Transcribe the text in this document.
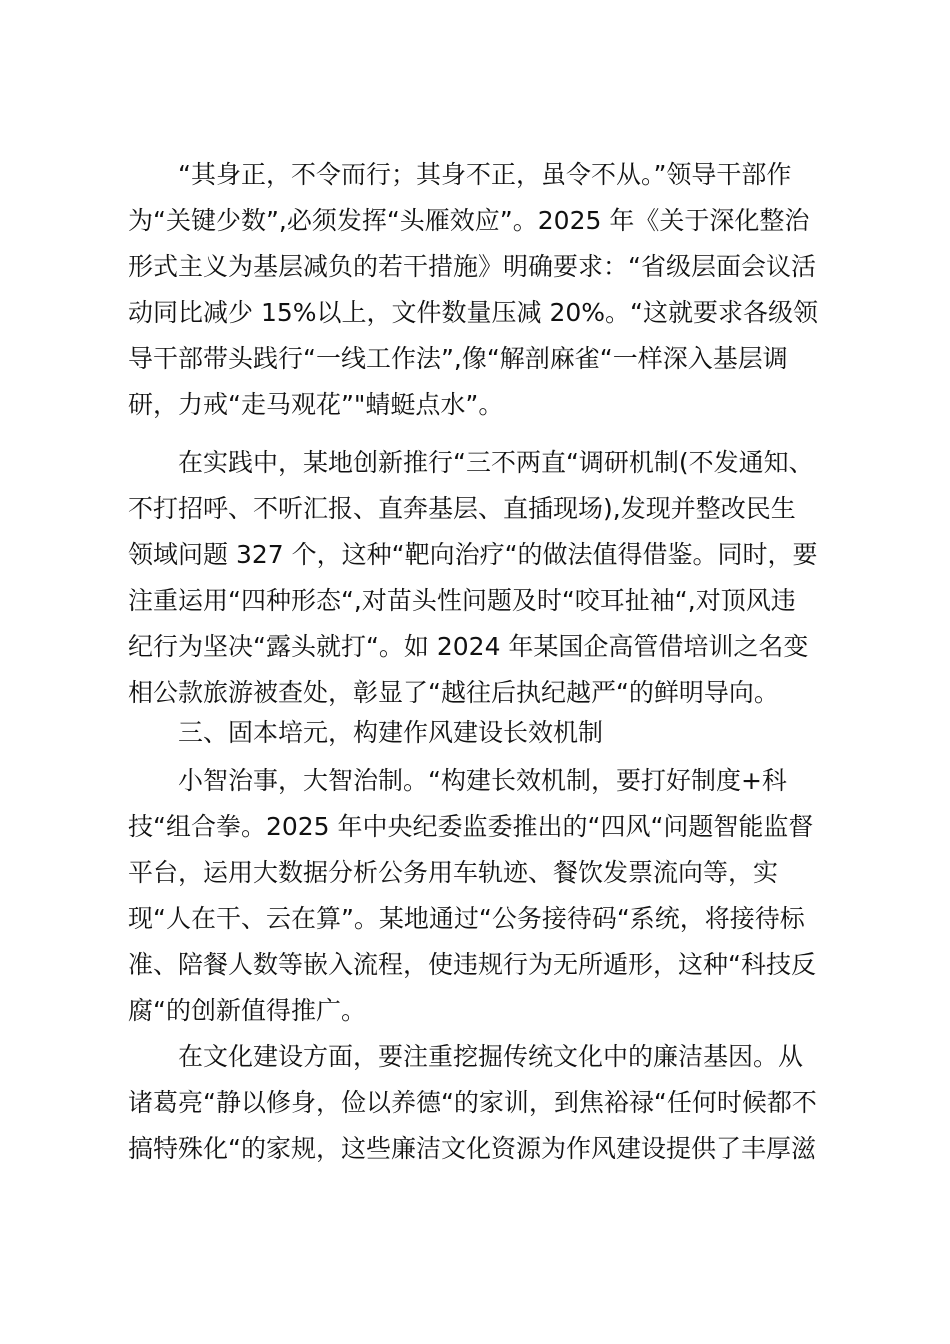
“其身正，不令而行；其身不正，虽令不从。”领导干部作

为“关键少数”,必须发挥“头雁效应”。2025 年《关于深化整治

形式主义为基层减负的若干措施》明确要求：“省级层面会议活

动同比减少 15%以上，文件数量压减 20%。“这就要求各级领

导干部带头践行“一线工作法”,像“解剖麻雀“一样深入基层调

研，力戒“走马观花”"蜻蜓点水”。

在实践中，某地创新推行“三不两直“调研机制(不发通知、

不打招呼、不听汇报、直奔基层、直插现场),发现并整改民生

领域问题 327 个，这种“靶向治疗“的做法值得借鉴。同时，要

注重运用“四种形态“,对苗头性问题及时“咬耳扯袖“,对顶风违

纪行为坚决“露头就打“。如 2024 年某国企高管借培训之名变

相公款旅游被查处，彰显了“越往后执纪越严“的鲜明导向。

三、固本培元，构建作风建设长效机制

小智治事，大智治制。“构建长效机制，要打好制度+科

技“组合拳。2025 年中央纪委监委推出的“四风“问题智能监督

平台，运用大数据分析公务用车轨迹、餐饮发票流向等，实

现“人在干、云在算”。某地通过“公务接待码“系统，将接待标

准、陪餐人数等嵌入流程，使违规行为无所遁形，这种“科技反

腐“的创新值得推广。

在文化建设方面，要注重挖掘传统文化中的廉洁基因。从

诸葛亮“静以修身，俭以养德“的家训，到焦裕禄“任何时候都不

搞特殊化“的家规，这些廉洁文化资源为作风建设提供了丰厚滋
